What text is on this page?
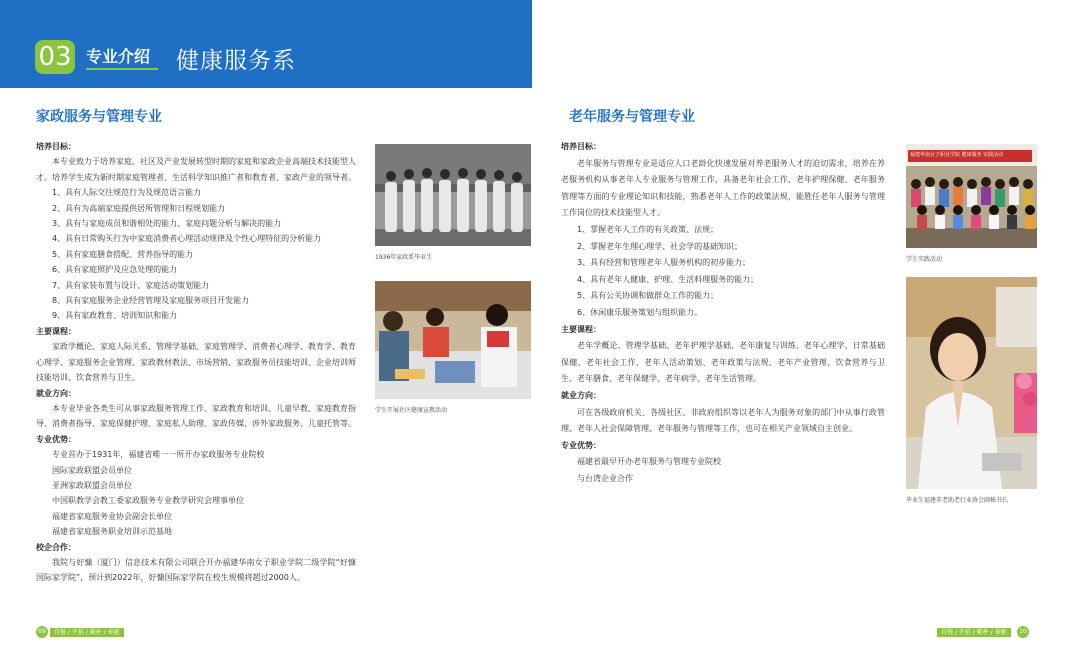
03 专业介绍 健康服务系
家政服务与管理专业
培养目标：
本专业致力于培养家庭、社区及产业发展转型时期的家庭和家政企业高端技术技能型人才。培养学生成为新时期家庭管理者、生活科学知识推广者和教育者、家政产业的领导者。
1、具有人际交往规范行为及规范语言能力
2、具有为高端家庭提供居所管理和日程规划能力
3、具有与家庭成员和谐相处的能力、家庭问题分析与解决的能力
4、具有日常购买行为中家庭消费者心理活动规律及个性心理特征的分析能力
5、具有家庭膳食搭配、营养指导的能力
6、具有家庭照护及应急处理的能力
7、具有家装布置与设计、家庭活动策划能力
8、具有家庭服务企业经营管理及家庭服务项目开发能力
9、具有家政教育、培训知识和能力
主要课程：
家政学概论、家庭人际关系、管理学基础、家庭管理学、消费者心理学、教育学、教育心理学、家庭服务企业管理、家政教材教法、市场营销、家政服务员技能培训、企业培训师技能培训、饮食营养与卫生。
就业方向：
本专业毕业各类生可从事家政服务管理工作、家政教育和培训、儿童早教、家庭教育指导、消费者指导、家庭保健护理、家庭私人助理、家政传媒、涉外家政服务、儿童托管等。
专业优势：
专业首办于1931年，福建省唯一一所开办家政服务专业院校
国际家政联盟会员单位
亚洲家政联盟会员单位
中国职教学会教工委家政服务专业教学研究会理事单位
福建省家庭服务业协会副会长单位
福建省家庭服务职业培训示范基地
校企合作：
我院与好慷（厦门）信息技术有限公司联合开办福建华南女子职业学院二级学院“好慷国际家学院”，预计到2022年，好慷国际家学院在校生规模将超过2000人。
1936年家政系毕业生
学生开展社区健康宣教活动
09	自强 / 开拓 / 勤朴 / 奉献
老年服务与管理专业
培养目标：
老年服务与管理专业是适应人口老龄化快速发展对养老服务人才的迫切需求，培养在养老服务机构从事老年人专业服务与管理工作，具备老年社会工作、老年护理保健、老年服务管理等方面的专业理论知识和技能，熟悉老年人工作的政策法规，能胜任老年人服务与管理工作岗位的技术技能型人才。
1、掌握老年人工作的有关政策、法规；
2、掌握老年生理心理学、社会学的基础知识；
3、具有经营和管理老年人服务机构的初步能力；
4、具有老年人健康、护理、生活料理服务的能力；
5、具有公关协调和做群众工作的能力；
6、休闲康乐服务策划与组织能力。
主要课程：
老年学概论、管理学基础、老年护理学基础、老年康复与训练、老年心理学、日常基础保健、老年社会工作、老年人活动策划、老年政策与法规、老年产业管理、饮食营养与卫生、老年膳食、老年保健学、老年病学、老年生活管理。
就业方向：
可在各级政府机关、各级社区、非政府组织等以老年人为服务对象的部门中从事行政管理、老年人社会保障管理、老年服务与管理等工作，也可在相关产业领域自主创业。
专业优势：
福建省最早开办老年服务与管理专业院校
与台湾企业合作
福建华南女子职业学院 健康服务 实践活动
学生实践活动
毕业生福建养老助老行业协会副秘书长
自强 / 开拓 / 勤朴 / 奉献	10
